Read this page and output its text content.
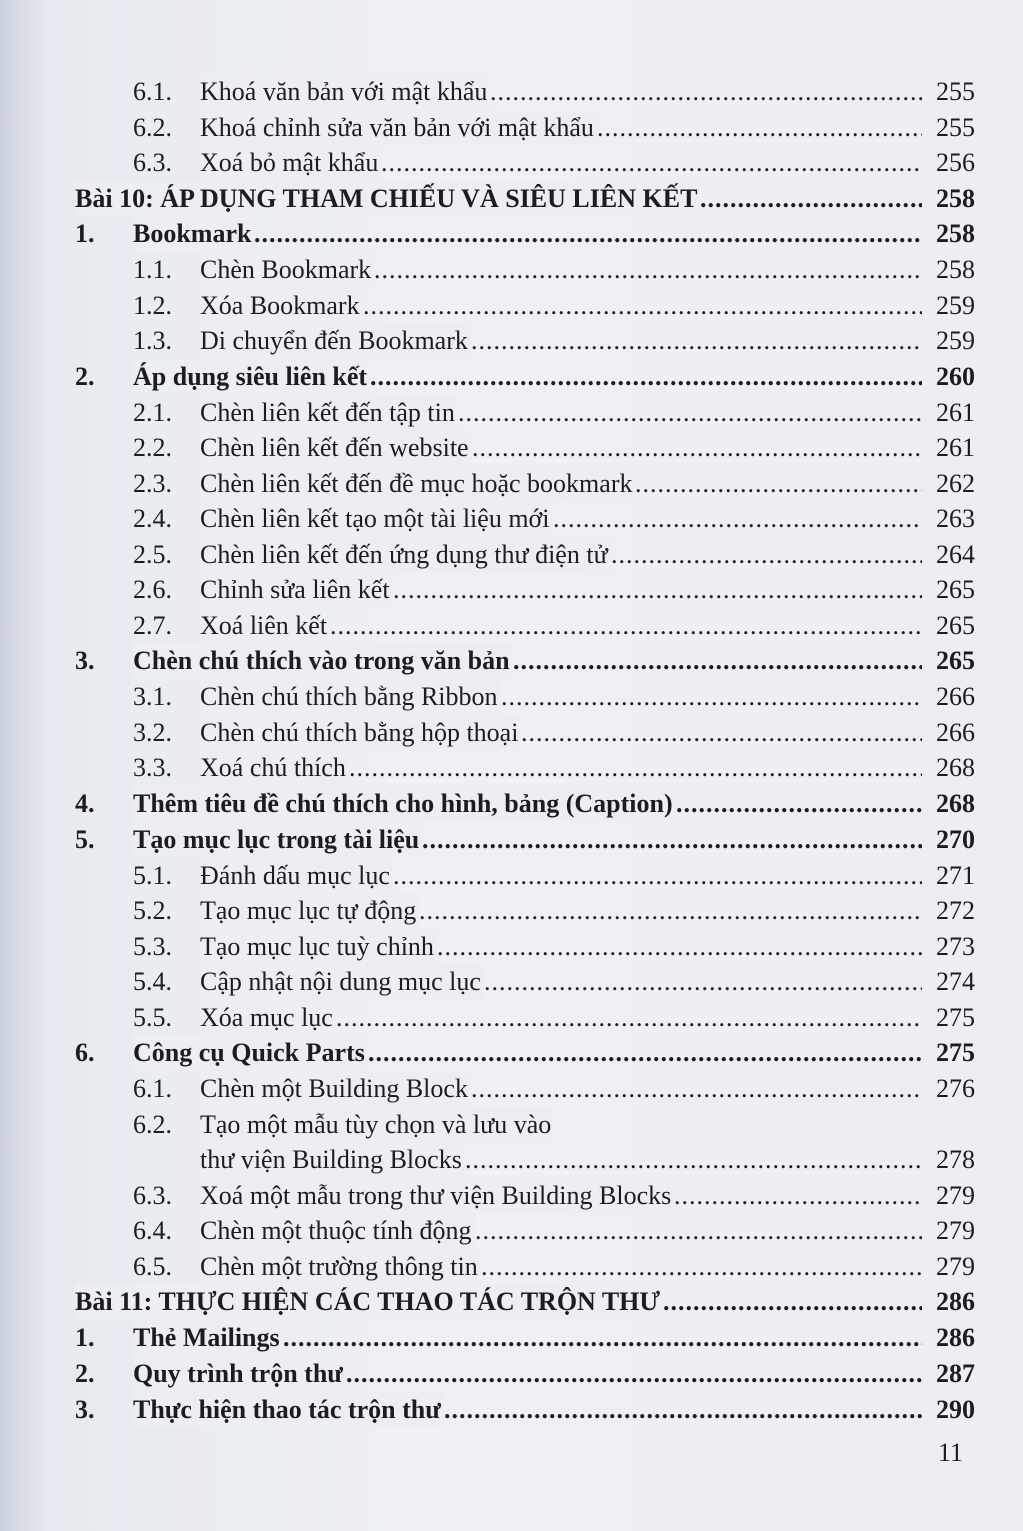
6.1. Khoá văn bản với mật khẩu .....	255
6.2. Khoá chỉnh sửa văn bản với mật khẩu .....	255
6.3. Xoá bỏ mật khẩu .....	256
Bài 10: ÁP DỤNG THAM CHIẾU VÀ SIÊU LIÊN KẾT .....	258
1. Bookmark .....	258
1.1. Chèn Bookmark .....	258
1.2. Xóa Bookmark .....	259
1.3. Di chuyển đến Bookmark .....	259
2. Áp dụng siêu liên kết .....	260
2.1. Chèn liên kết đến tập tin .....	261
2.2. Chèn liên kết đến website .....	261
2.3. Chèn liên kết đến đề mục hoặc bookmark .....	262
2.4. Chèn liên kết tạo một tài liệu mới .....	263
2.5. Chèn liên kết đến ứng dụng thư điện tử .....	264
2.6. Chỉnh sửa liên kết .....	265
2.7. Xoá liên kết .....	265
3. Chèn chú thích vào trong văn bản .....	265
3.1. Chèn chú thích bằng Ribbon .....	266
3.2. Chèn chú thích bằng hộp thoại .....	266
3.3. Xoá chú thích .....	268
4. Thêm tiêu đề chú thích cho hình, bảng (Caption) .....	268
5. Tạo mục lục trong tài liệu .....	270
5.1. Đánh dấu mục lục .....	271
5.2. Tạo mục lục tự động .....	272
5.3. Tạo mục lục tuỳ chỉnh .....	273
5.4. Cập nhật nội dung mục lục .....	274
5.5. Xóa mục lục .....	275
6. Công cụ Quick Parts .....	275
6.1. Chèn một Building Block .....	276
6.2. Tạo một mẫu tùy chọn và lưu vào
thư viện Building Blocks .....	278
6.3. Xoá một mẫu trong thư viện Building Blocks .....	279
6.4. Chèn một thuộc tính động .....	279
6.5. Chèn một trường thông tin .....	279
Bài 11: THỰC HIỆN CÁC THAO TÁC TRỘN THƯ .....	286
1. Thẻ Mailings .....	286
2. Quy trình trộn thư .....	287
3. Thực hiện thao tác trộn thư .....	290
11
